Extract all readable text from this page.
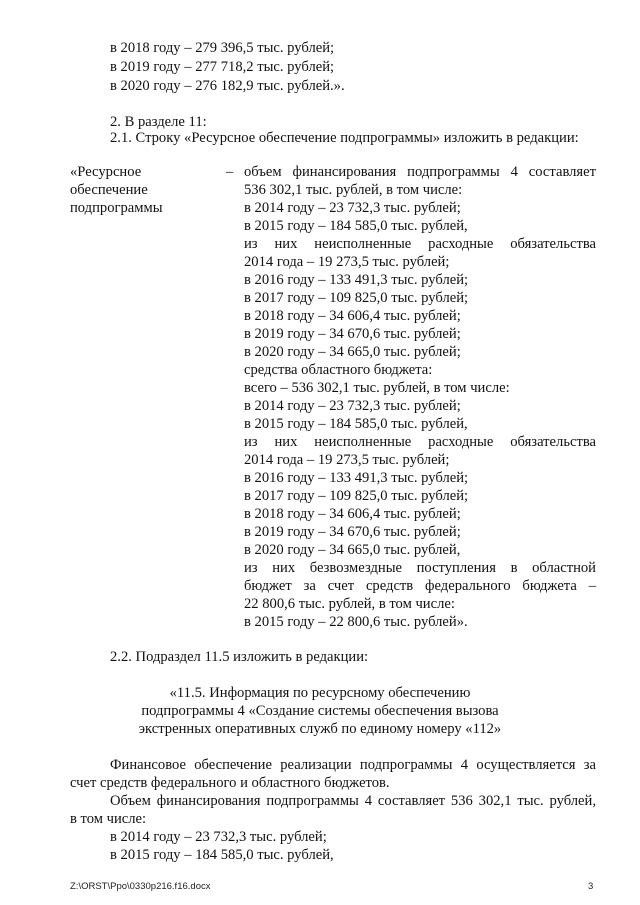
в 2018 году – 279 396,5 тыс. рублей;
в 2019 году – 277 718,2 тыс. рублей;
в 2020 году – 276 182,9 тыс. рублей.».
2. В разделе 11:
2.1. Строку «Ресурсное обеспечение подпрограммы» изложить в редакции:
«Ресурсное
обеспечение
подпрограммы
– объем финансирования подпрограммы 4 составляет
536 302,1 тыс. рублей, в том числе:
в 2014 году – 23 732,3 тыс. рублей;
в 2015 году – 184 585,0 тыс. рублей,
из них неисполненные расходные обязательства
2014 года – 19 273,5 тыс. рублей;
в 2016 году – 133 491,3 тыс. рублей;
в 2017 году – 109 825,0 тыс. рублей;
в 2018 году – 34 606,4 тыс. рублей;
в 2019 году – 34 670,6 тыс. рублей;
в 2020 году – 34 665,0 тыс. рублей;
средства областного бюджета:
всего – 536 302,1 тыс. рублей, в том числе:
в 2014 году – 23 732,3 тыс. рублей;
в 2015 году – 184 585,0 тыс. рублей,
из них неисполненные расходные обязательства
2014 года – 19 273,5 тыс. рублей;
в 2016 году – 133 491,3 тыс. рублей;
в 2017 году – 109 825,0 тыс. рублей;
в 2018 году – 34 606,4 тыс. рублей;
в 2019 году – 34 670,6 тыс. рублей;
в 2020 году – 34 665,0 тыс. рублей,
из них безвозмездные поступления в областной
бюджет за счет средств федерального бюджета –
22 800,6 тыс. рублей, в том числе:
в 2015 году – 22 800,6 тыс. рублей».
2.2. Подраздел 11.5 изложить в редакции:
«11.5. Информация по ресурсному обеспечению
подпрограммы 4 «Создание системы обеспечения вызова
экстренных оперативных служб по единому номеру «112»
Финансовое обеспечение реализации подпрограммы 4 осуществляется за
счет средств федерального и областного бюджетов.
Объем финансирования подпрограммы 4 составляет 536 302,1 тыс. рублей,
в том числе:
в 2014 году – 23 732,3 тыс. рублей;
в 2015 году – 184 585,0 тыс. рублей,
Z:\ORST\Ppo\0330p216.f16.docx	3
